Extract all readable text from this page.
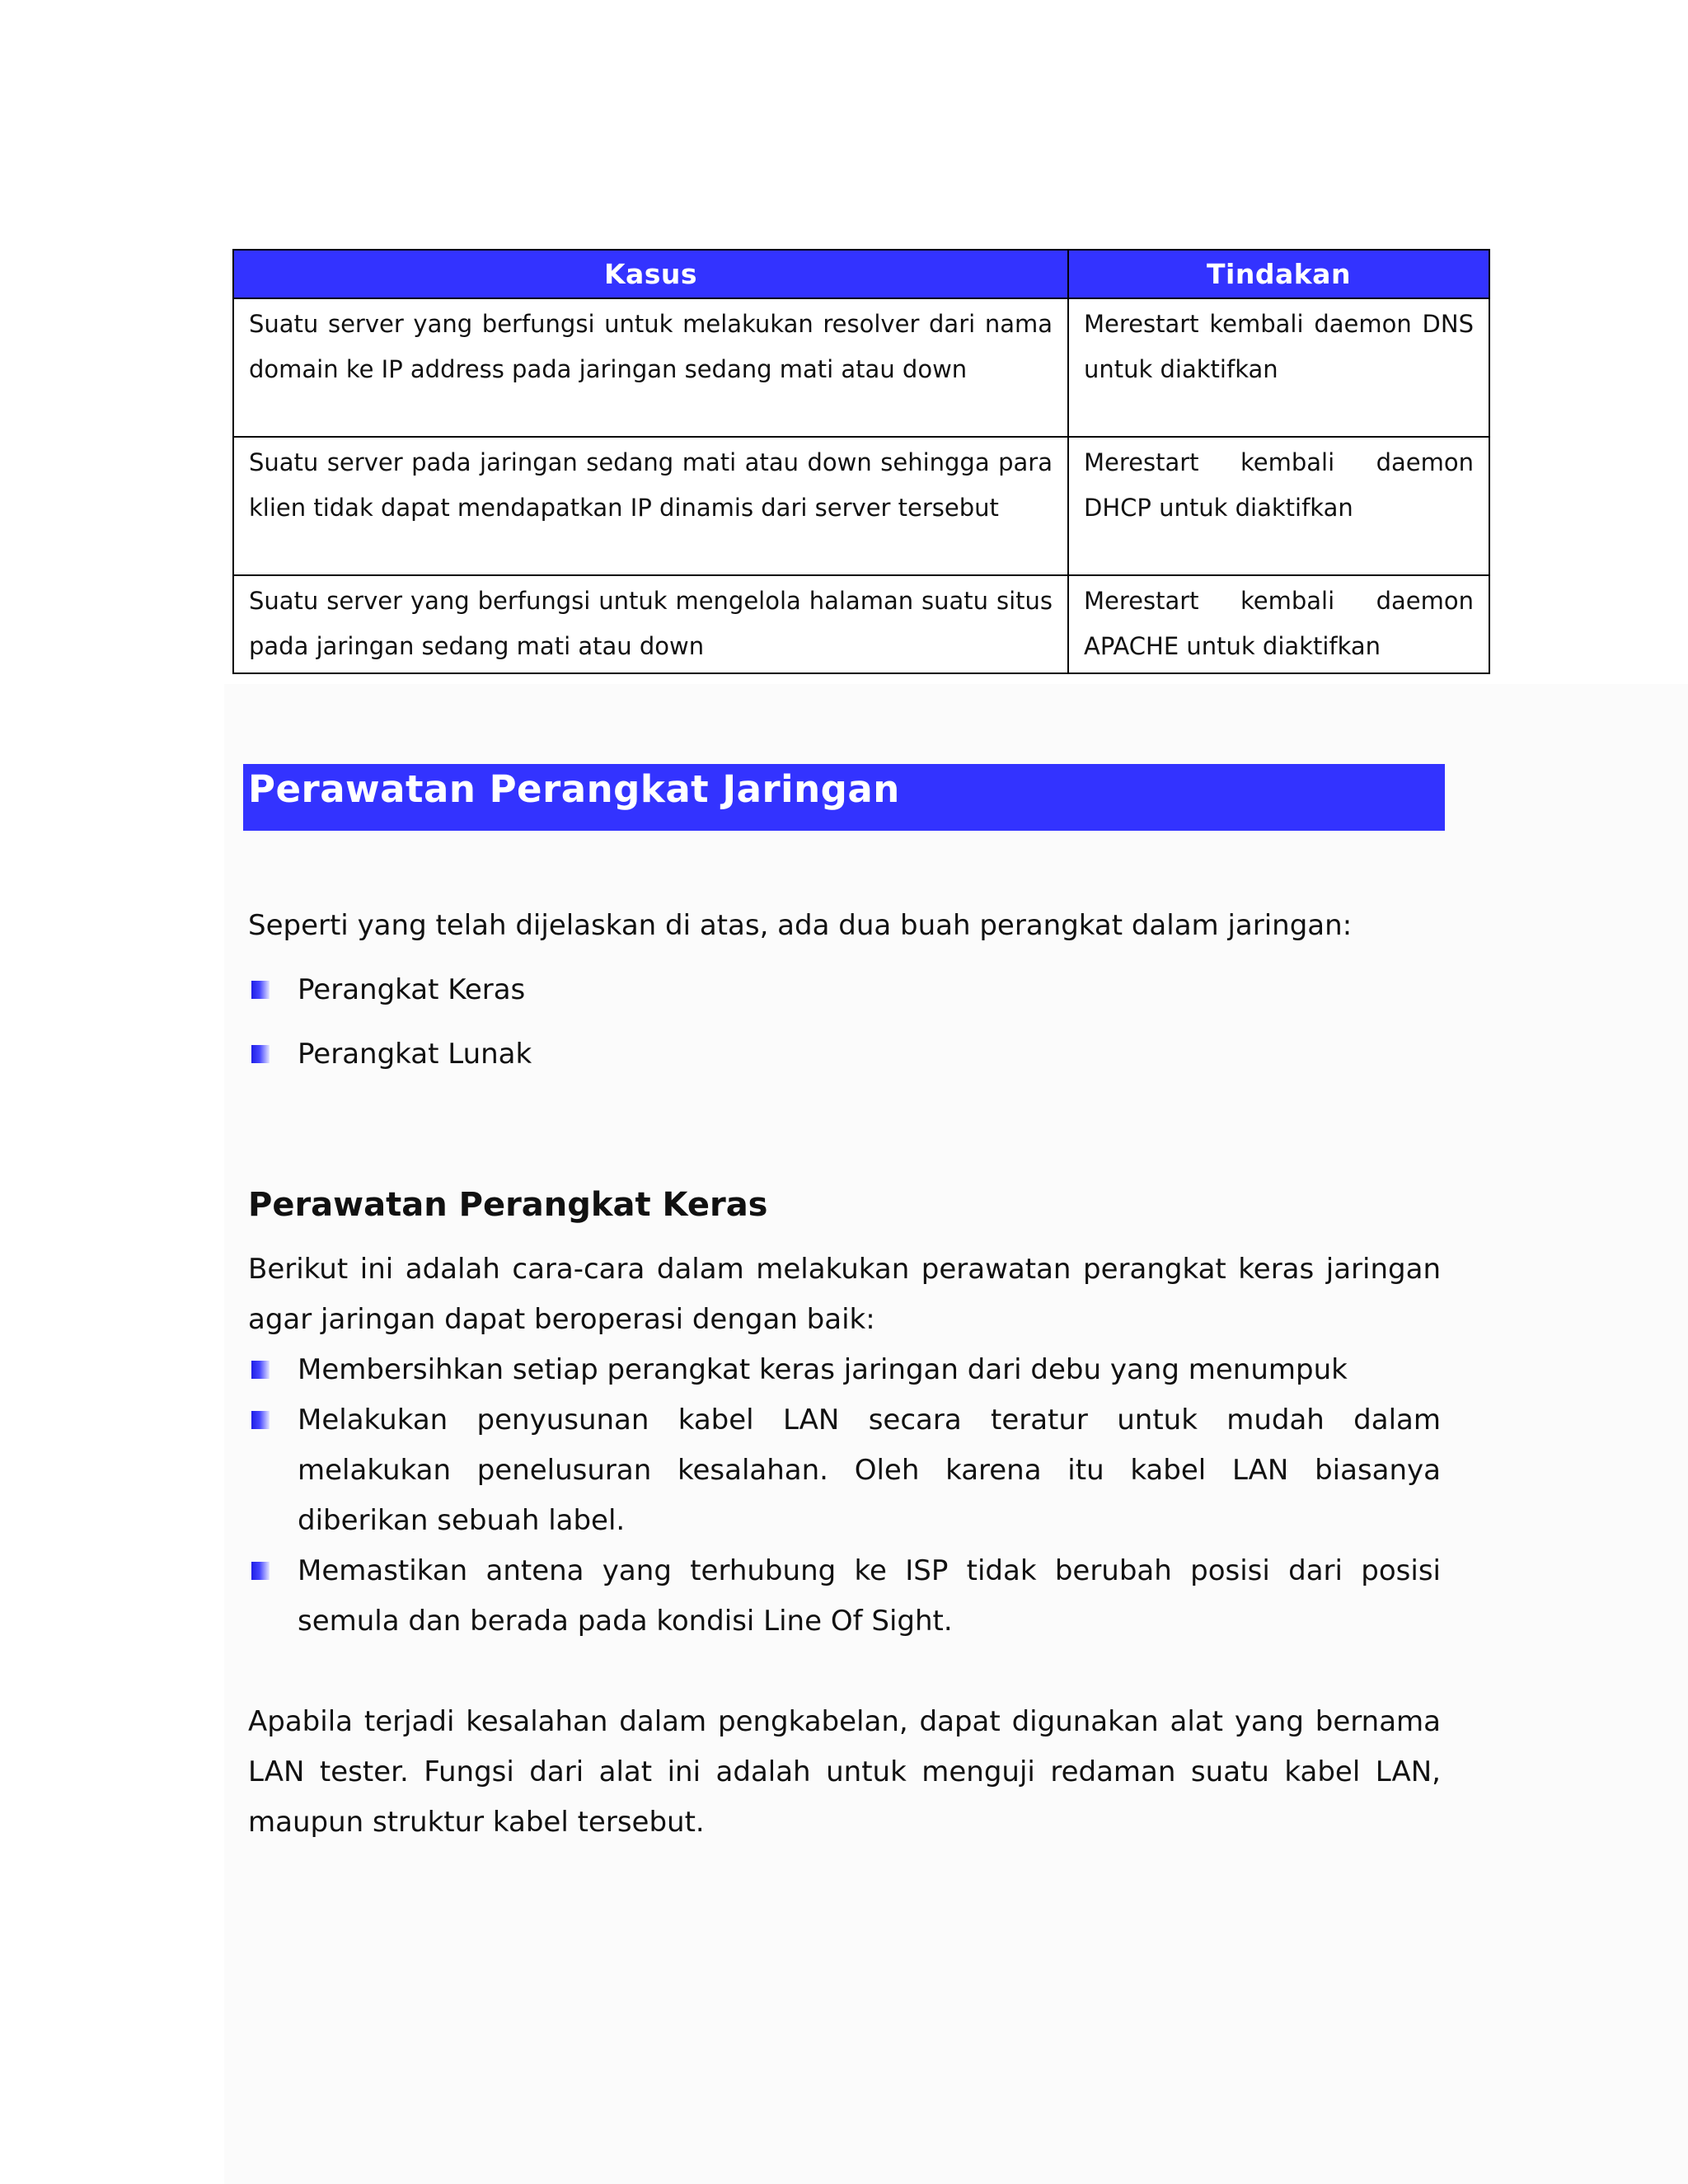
Kasus	Tindakan
Suatu server yang berfungsi untuk melakukan resolver dari nama domain ke IP address pada jaringan sedang mati atau down	Merestart kembali daemon DNS untuk diaktifkan
Suatu server pada jaringan sedang mati atau down sehingga para klien tidak dapat mendapatkan IP dinamis dari server tersebut	Merestart kembali daemon DHCP untuk diaktifkan
Suatu server yang berfungsi untuk mengelola halaman suatu situs pada jaringan sedang mati atau down	Merestart kembali daemon APACHE untuk diaktifkan
Perawatan Perangkat Jaringan

Seperti yang telah dijelaskan di atas, ada dua buah perangkat dalam jaringan:

Perangkat Keras
Perangkat Lunak
Perawatan Perangkat Keras

Berikut ini adalah cara-cara dalam melakukan perawatan perangkat keras jaringan agar jaringan dapat beroperasi dengan baik:

Membersihkan setiap perangkat keras jaringan dari debu yang menumpuk
Melakukan penyusunan kabel LAN secara teratur untuk mudah dalam melakukan penelusuran kesalahan. Oleh karena itu kabel LAN biasanya diberikan sebuah label.
Memastikan antena yang terhubung ke ISP tidak berubah posisi dari posisi semula dan berada pada kondisi Line Of Sight.

Apabila terjadi kesalahan dalam pengkabelan, dapat digunakan alat yang bernama LAN tester. Fungsi dari alat ini adalah untuk menguji redaman suatu kabel LAN, maupun struktur kabel tersebut.
